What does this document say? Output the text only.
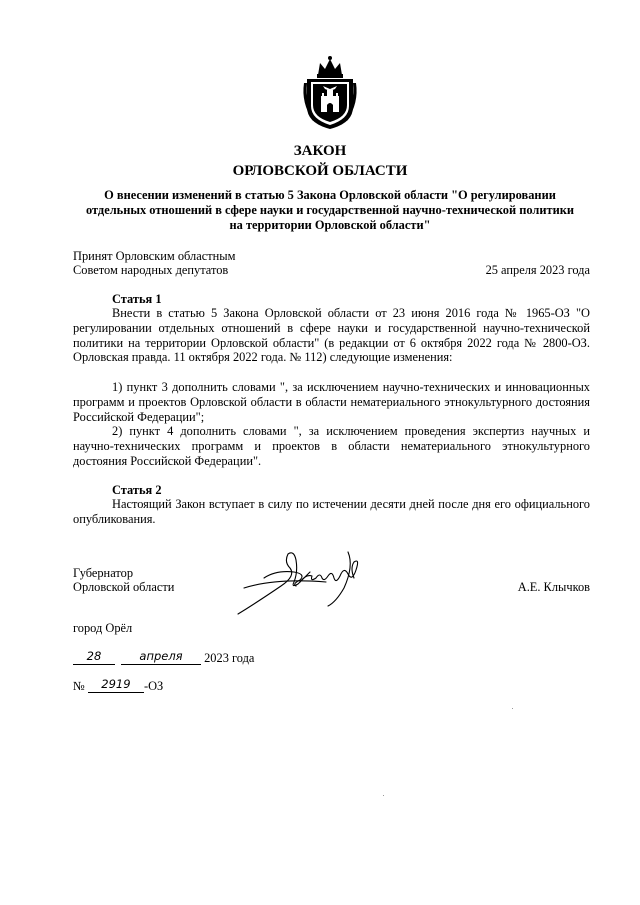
ЗАКОН
ОРЛОВСКОЙ ОБЛАСТИ
О внесении изменений в статью 5 Закона Орловской области "О регулировании
отдельных отношений в сфере науки и государственной научно-технической политики
на территории Орловской области"
Принят Орловским областным
Советом народных депутатов	25 апреля 2023 года
Статья 1
Внести в статью 5 Закона Орловской области от 23 июня 2016 года № 1965-ОЗ "О регулировании отдельных отношений в сфере науки и государственной научно-технической политики на территории Орловской области" (в редакции от 6 октября 2022 года № 2800-ОЗ. Орловская правда. 11 октября 2022 года. № 112) следующие изменения:
1) пункт 3 дополнить словами ", за исключением научно-технических и инновационных программ и проектов Орловской области в области нематериального этнокультурного достояния Российской Федерации";
2) пункт 4 дополнить словами ", за исключением проведения экспертиз научных и научно-технических программ и проектов в области нематериального этнокультурного достояния Российской Федерации".
Статья 2
Настоящий Закон вступает в силу по истечении десяти дней после дня его официального опубликования.
Губернатор
Орловской области	А.Е. Клычков
город Орёл
28	апреля 2023 года
№ 2919 -ОЗ
